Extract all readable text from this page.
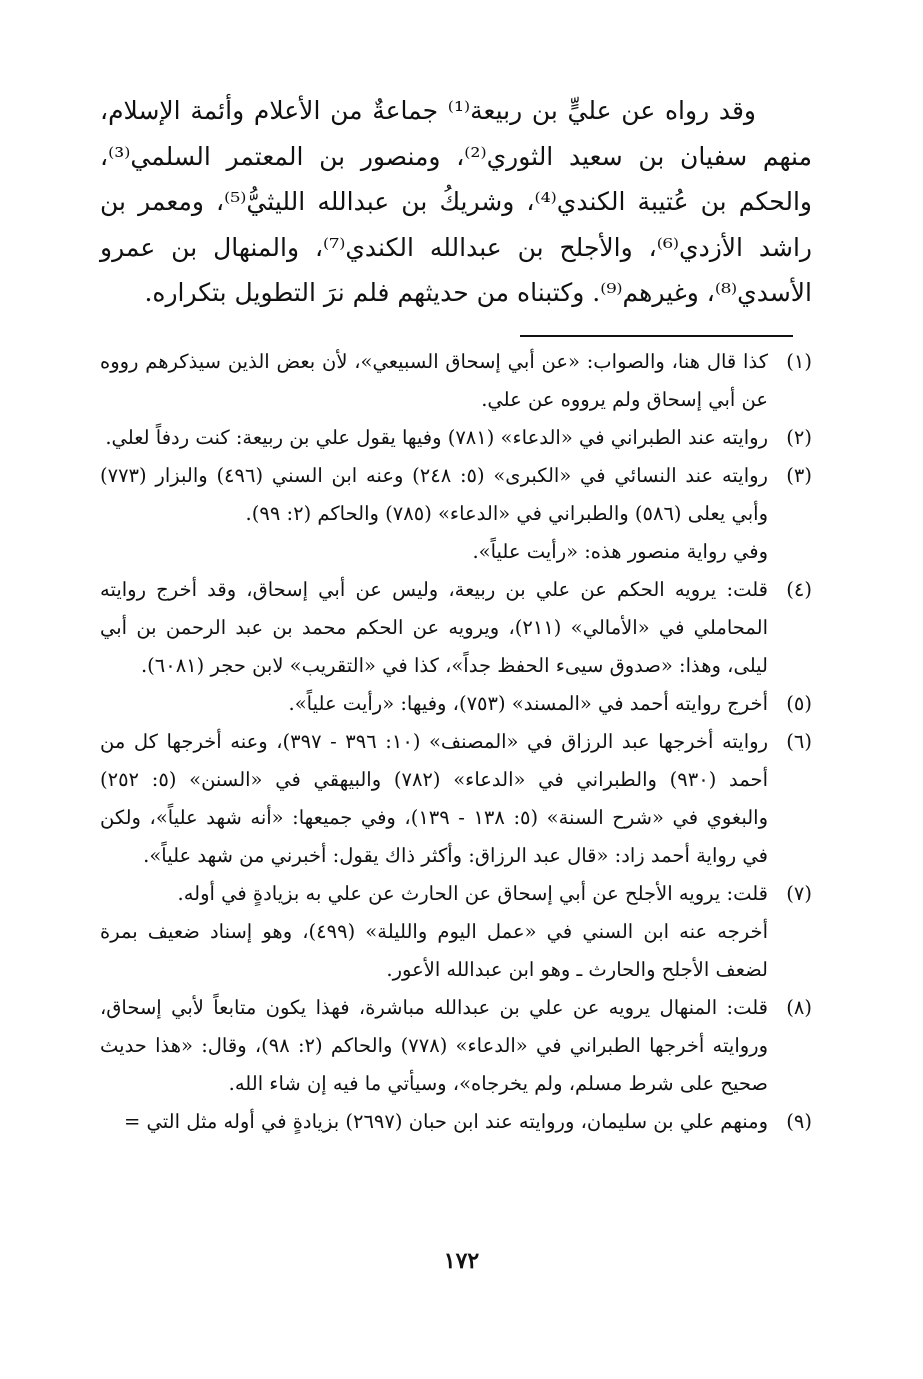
وقد رواه عن عليٍّ بن ربيعة⁽¹⁾ جماعةٌ من الأعلام وأئمة الإسلام، منهم سفيان بن سعيد الثوري⁽²⁾، ومنصور بن المعتمر السلمي⁽³⁾، والحكم بن عُتيبة الكندي⁽⁴⁾، وشريكُ بن عبدالله الليثيُّ⁽⁵⁾، ومعمر بن راشد الأزدي⁽⁶⁾، والأجلح بن عبدالله الكندي⁽⁷⁾، والمنهال بن عمرو الأسدي⁽⁸⁾، وغيرهم⁽⁹⁾. وكتبناه من حديثهم فلم نرَ التطويل بتكراره.

(١)
كذا قال هنا، والصواب: «عن أبي إسحاق السبيعي»، لأن بعض الذين سيذكرهم رووه عن أبي إسحاق ولم يرووه عن علي.
(٢)
روايته عند الطبراني في «الدعاء» (٧٨١) وفيها يقول علي بن ربيعة: كنت ردفاً لعلي.
(٣)
روايته عند النسائي في «الكبرى» (٥: ٢٤٨) وعنه ابن السني (٤٩٦) والبزار (٧٧٣) وأبي يعلى (٥٨٦) والطبراني في «الدعاء» (٧٨٥) والحاكم (٢: ٩٩).
وفي رواية منصور هذه: «رأيت علياً».
(٤)
قلت: يرويه الحكم عن علي بن ربيعة، وليس عن أبي إسحاق، وقد أخرج روايته المحاملي في «الأمالي» (٢١١)، ويرويه عن الحكم محمد بن عبد الرحمن بن أبي ليلى، وهذا: «صدوق سيىء الحفظ جداً»، كذا في «التقريب» لابن حجر (٦٠٨١).
(٥)
أخرج روايته أحمد في «المسند» (٧٥٣)، وفيها: «رأيت علياً».
(٦)
روايته أخرجها عبد الرزاق في «المصنف» (١٠: ٣٩٦ - ٣٩٧)، وعنه أخرجها كل من أحمد (٩٣٠) والطبراني في «الدعاء» (٧٨٢) والبيهقي في «السنن» (٥: ٢٥٢) والبغوي في «شرح السنة» (٥: ١٣٨ - ١٣٩)، وفي جميعها: «أنه شهد علياً»، ولكن في رواية أحمد زاد: «قال عبد الرزاق: وأكثر ذاك يقول: أخبرني من شهد علياً».
(٧)
قلت: يرويه الأجلح عن أبي إسحاق عن الحارث عن علي به بزيادةٍ في أوله.
أخرجه عنه ابن السني في «عمل اليوم والليلة» (٤٩٩)، وهو إسناد ضعيف بمرة لضعف الأجلح والحارث ـ وهو ابن عبدالله الأعور.
(٨)
قلت: المنهال يرويه عن علي بن عبدالله مباشرة، فهذا يكون متابعاً لأبي إسحاق، وروايته أخرجها الطبراني في «الدعاء» (٧٧٨) والحاكم (٢: ٩٨)، وقال: «هذا حديث صحيح على شرط مسلم، ولم يخرجاه»، وسيأتي ما فيه إن شاء الله.
(٩)
ومنهم علي بن سليمان، وروايته عند ابن حبان (٢٦٩٧) بزيادةٍ في أوله مثل التي =
١٧٢
